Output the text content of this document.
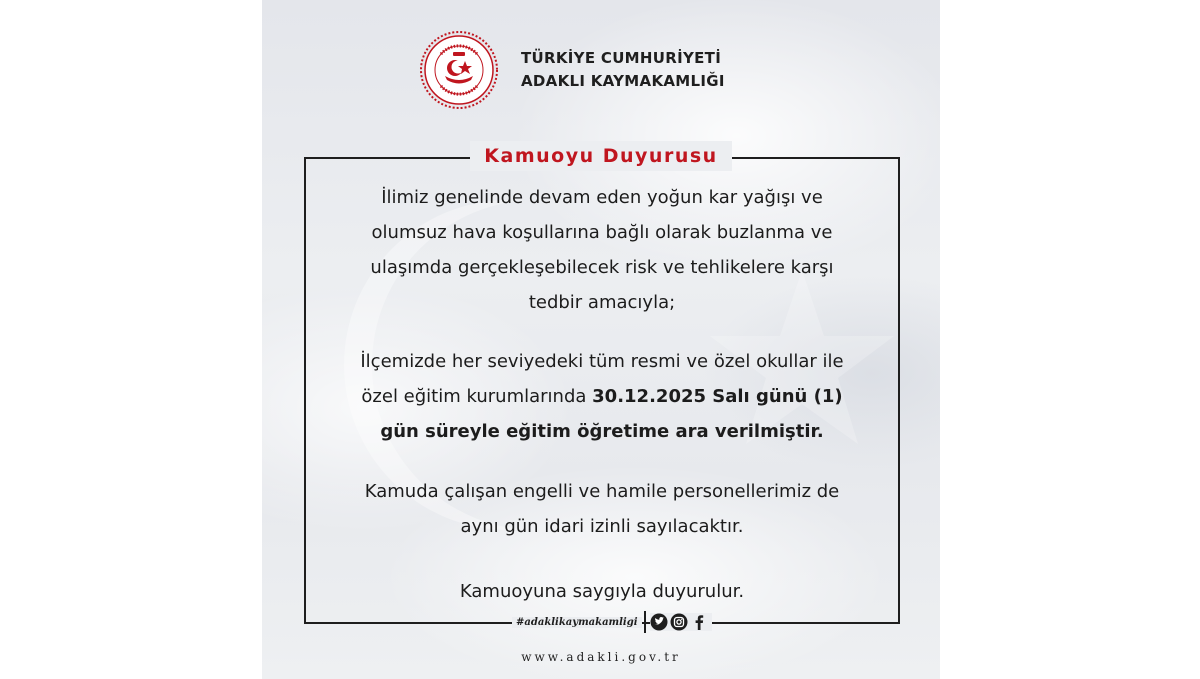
TÜRKİYE CUMHURİYETİ
ADAKLI KAYMAKAMLIĞI
Kamuoyu Duyurusu
İlimiz genelinde devam eden yoğun kar yağışı ve
olumsuz hava koşullarına bağlı olarak buzlanma ve
ulaşımda gerçekleşebilecek risk ve tehlikelere karşı
tedbir amacıyla;
İlçemizde her seviyedeki tüm resmi ve özel okullar ile
özel eğitim kurumlarında 30.12.2025 Salı günü (1)
gün süreyle eğitim öğretime ara verilmiştir.
Kamuda çalışan engelli ve hamile personellerimiz de
aynı gün idari izinli sayılacaktır.
Kamuoyuna saygıyla duyurulur.
#adaklikaymakamligi
www.adakli.gov.tr
